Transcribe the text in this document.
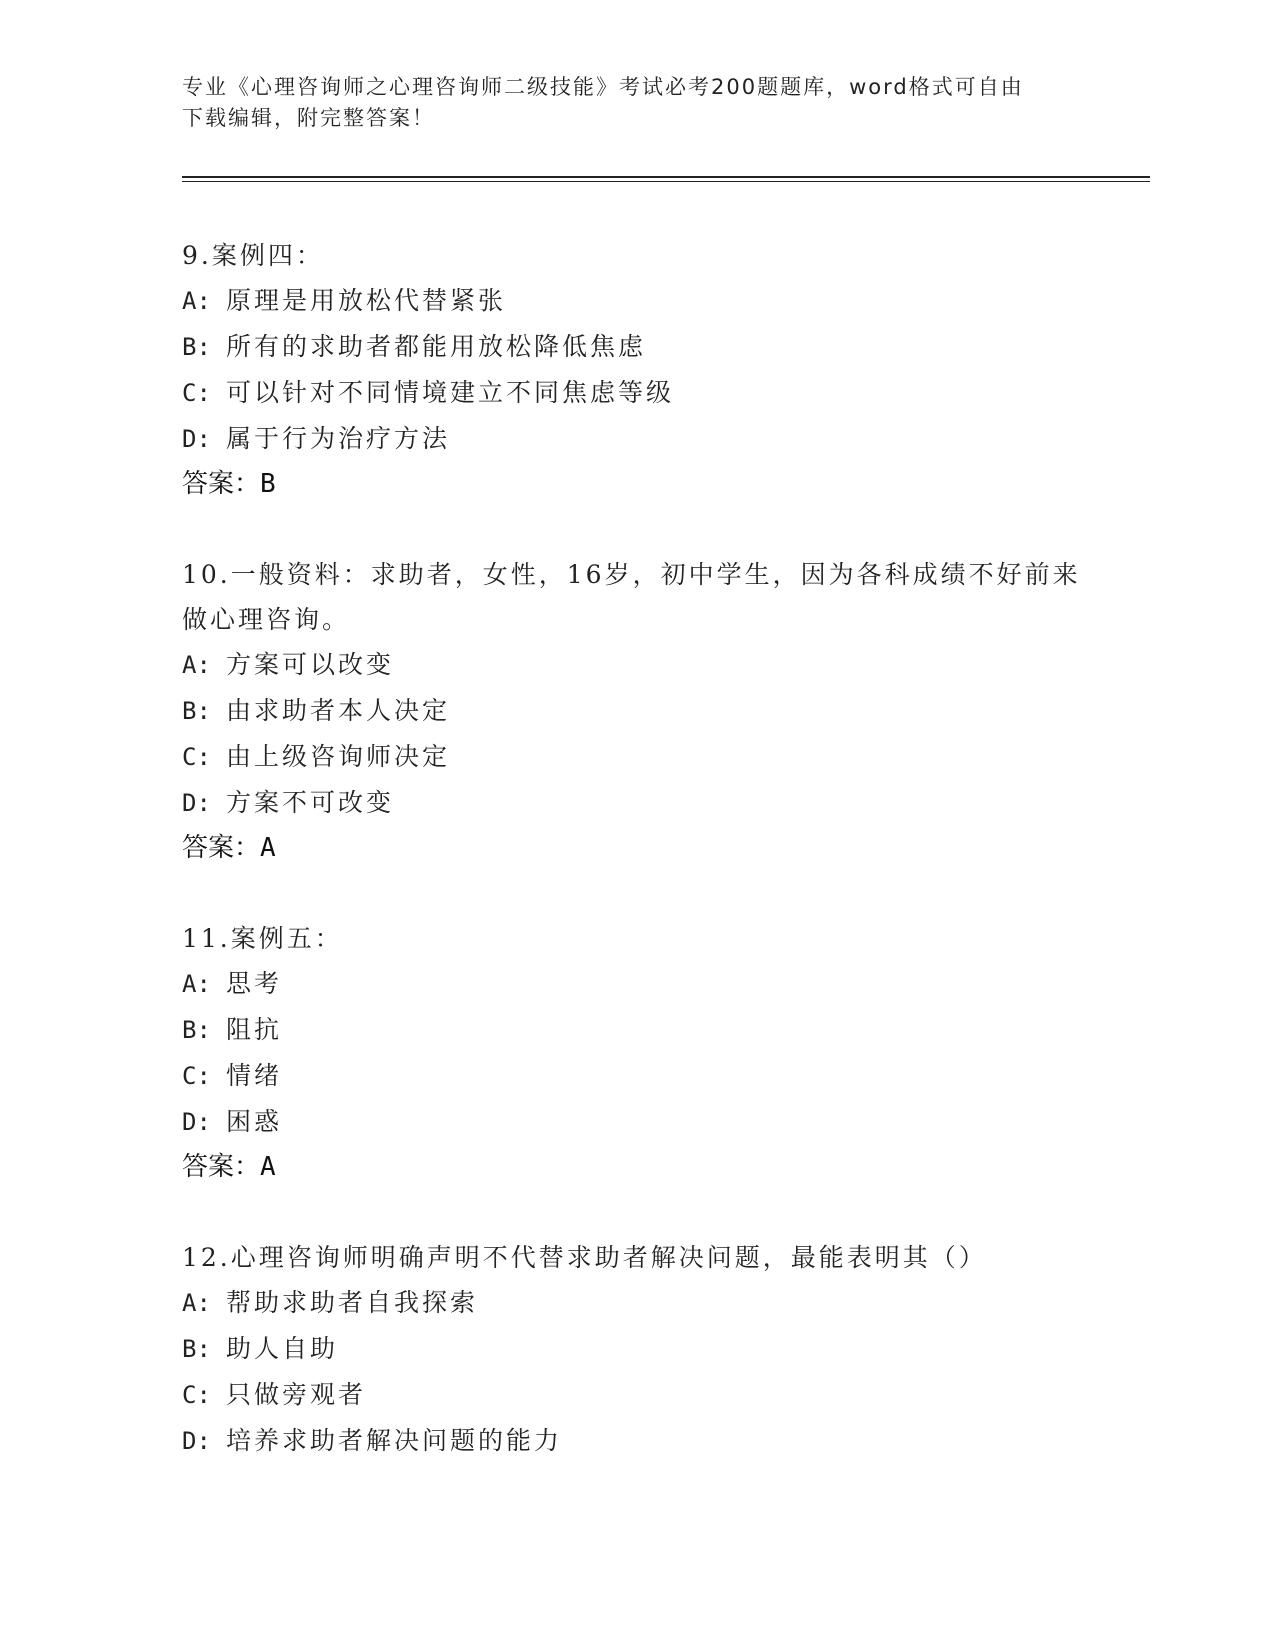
专业《心理咨询师之心理咨询师二级技能》考试必考200题题库，word格式可自由下载编辑，附完整答案！
9.案例四：
A: 原理是用放松代替紧张
B: 所有的求助者都能用放松降低焦虑
C: 可以针对不同情境建立不同焦虑等级
D: 属于行为治疗方法
答案：B
10.一般资料：求助者，女性，16岁，初中学生，因为各科成绩不好前来做心理咨询。
A: 方案可以改变
B: 由求助者本人决定
C: 由上级咨询师决定
D: 方案不可改变
答案：A
11.案例五：
A: 思考
B: 阻抗
C: 情绪
D: 困惑
答案：A
12.心理咨询师明确声明不代替求助者解决问题，最能表明其（）
A: 帮助求助者自我探索
B: 助人自助
C: 只做旁观者
D: 培养求助者解决问题的能力
